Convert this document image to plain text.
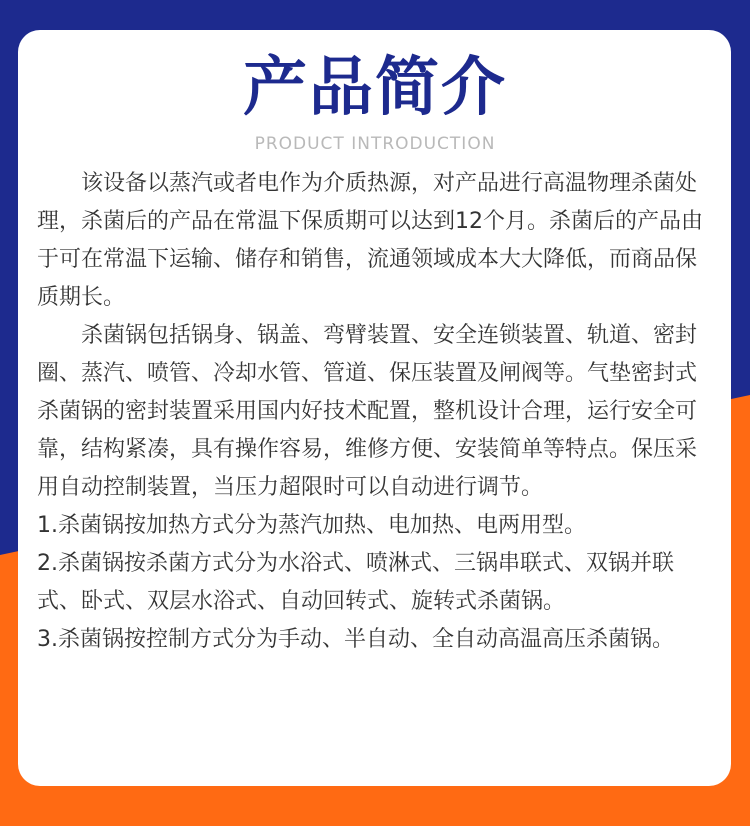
产品简介
PRODUCT INTRODUCTION

该设备以蒸汽或者电作为介质热源，对产品进行高温物理杀菌处理，杀菌后的产品在常温下保质期可以达到12个月。杀菌后的产品由于可在常温下运输、储存和销售，流通领域成本大大降低，而商品保质期长。

杀菌锅包括锅身、锅盖、弯臂装置、安全连锁装置、轨道、密封圈、蒸汽、喷管、冷却水管、管道、保压装置及闸阀等。气垫密封式杀菌锅的密封装置采用国内好技术配置，整机设计合理，运行安全可靠，结构紧凑，具有操作容易，维修方便、安装简单等特点。保压采用自动控制装置，当压力超限时可以自动进行调节。

1.杀菌锅按加热方式分为蒸汽加热、电加热、电两用型。

2.杀菌锅按杀菌方式分为水浴式、喷淋式、三锅串联式、双锅并联式、卧式、双层水浴式、自动回转式、旋转式杀菌锅。

3.杀菌锅按控制方式分为手动、半自动、全自动高温高压杀菌锅。
